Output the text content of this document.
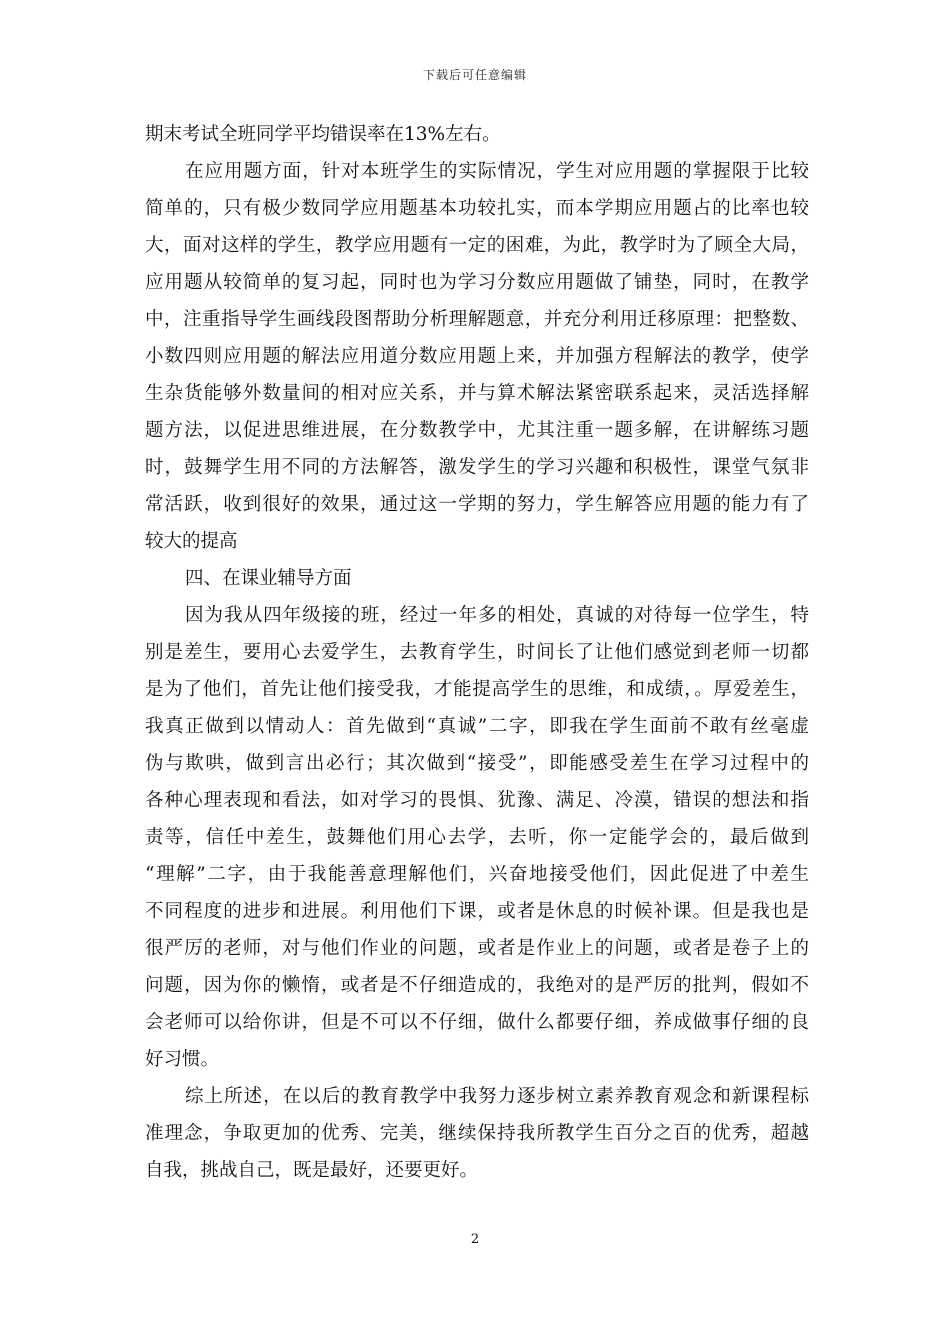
下载后可任意编辑
期末考试全班同学平均错误率在13%左右。
在应用题方面，针对本班学生的实际情况，学生对应用题的掌握限于比较
简单的，只有极少数同学应用题基本功较扎实，而本学期应用题占的比率也较
大，面对这样的学生，教学应用题有一定的困难，为此，教学时为了顾全大局，
应用题从较简单的复习起，同时也为学习分数应用题做了铺垫，同时，在教学
中，注重指导学生画线段图帮助分析理解题意，并充分利用迁移原理：把整数、
小数四则应用题的解法应用道分数应用题上来，并加强方程解法的教学，使学
生杂货能够外数量间的相对应关系，并与算术解法紧密联系起来，灵活选择解
题方法，以促进思维进展，在分数教学中，尤其注重一题多解，在讲解练习题
时，鼓舞学生用不同的方法解答，激发学生的学习兴趣和积极性，课堂气氛非
常活跃，收到很好的效果，通过这一学期的努力，学生解答应用题的能力有了
较大的提高
四、在课业辅导方面
因为我从四年级接的班，经过一年多的相处，真诚的对待每一位学生，特
别是差生，要用心去爱学生，去教育学生，时间长了让他们感觉到老师一切都
是为了他们，首先让他们接受我，才能提高学生的思维，和成绩，。厚爱差生，
我真正做到以情动人：首先做到“真诚”二字，即我在学生面前不敢有丝毫虚
伪与欺哄，做到言出必行；其次做到“接受”，即能感受差生在学习过程中的
各种心理表现和看法，如对学习的畏惧、犹豫、满足、冷漠，错误的想法和指
责等，信任中差生，鼓舞他们用心去学，去听，你一定能学会的，最后做到
“理解”二字，由于我能善意理解他们，兴奋地接受他们，因此促进了中差生
不同程度的进步和进展。利用他们下课，或者是休息的时候补课。但是我也是
很严厉的老师，对与他们作业的问题，或者是作业上的问题，或者是卷子上的
问题，因为你的懒惰，或者是不仔细造成的，我绝对的是严厉的批判，假如不
会老师可以给你讲，但是不可以不仔细，做什么都要仔细，养成做事仔细的良
好习惯。
综上所述，在以后的教育教学中我努力逐步树立素养教育观念和新课程标
准理念，争取更加的优秀、完美，继续保持我所教学生百分之百的优秀，超越
自我，挑战自己，既是最好，还要更好。
2
